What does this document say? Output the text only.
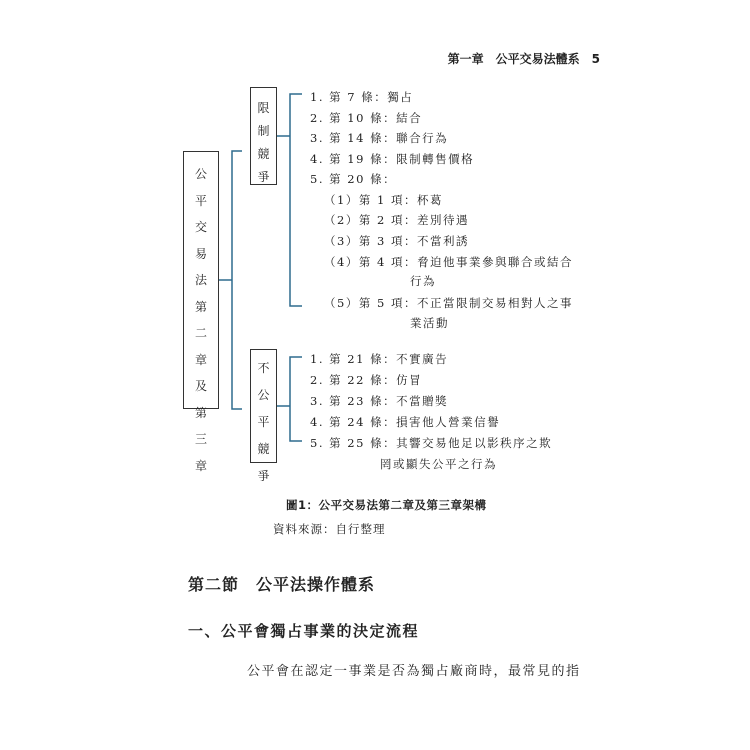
第一章　公平交易法體系　5
公
平
交
易
法
第
二
章
及
第
三
章
限
制
競
爭
不
公
平
競
爭
1. 第 7 條：獨占
2. 第 10 條：結合
3. 第 14 條：聯合行為
4. 第 19 條：限制轉售價格
5. 第 20 條：
（1）第 1 項：杯葛
（2）第 2 項：差別待遇
（3）第 3 項：不當利誘
（4）第 4 項：脅迫他事業參與聯合或結合
行為
（5）第 5 項：不正當限制交易相對人之事
業活動
1. 第 21 條：不實廣告
2. 第 22 條：仿冒
3. 第 23 條：不當贈獎
4. 第 24 條：損害他人營業信譽
5. 第 25 條：其響交易他足以影秩序之欺
罔或顯失公平之行為
圖1：公平交易法第二章及第三章架構
資料來源：自行整理
第二節　公平法操作體系
一、公平會獨占事業的決定流程
公平會在認定一事業是否為獨占廠商時，最常見的指
